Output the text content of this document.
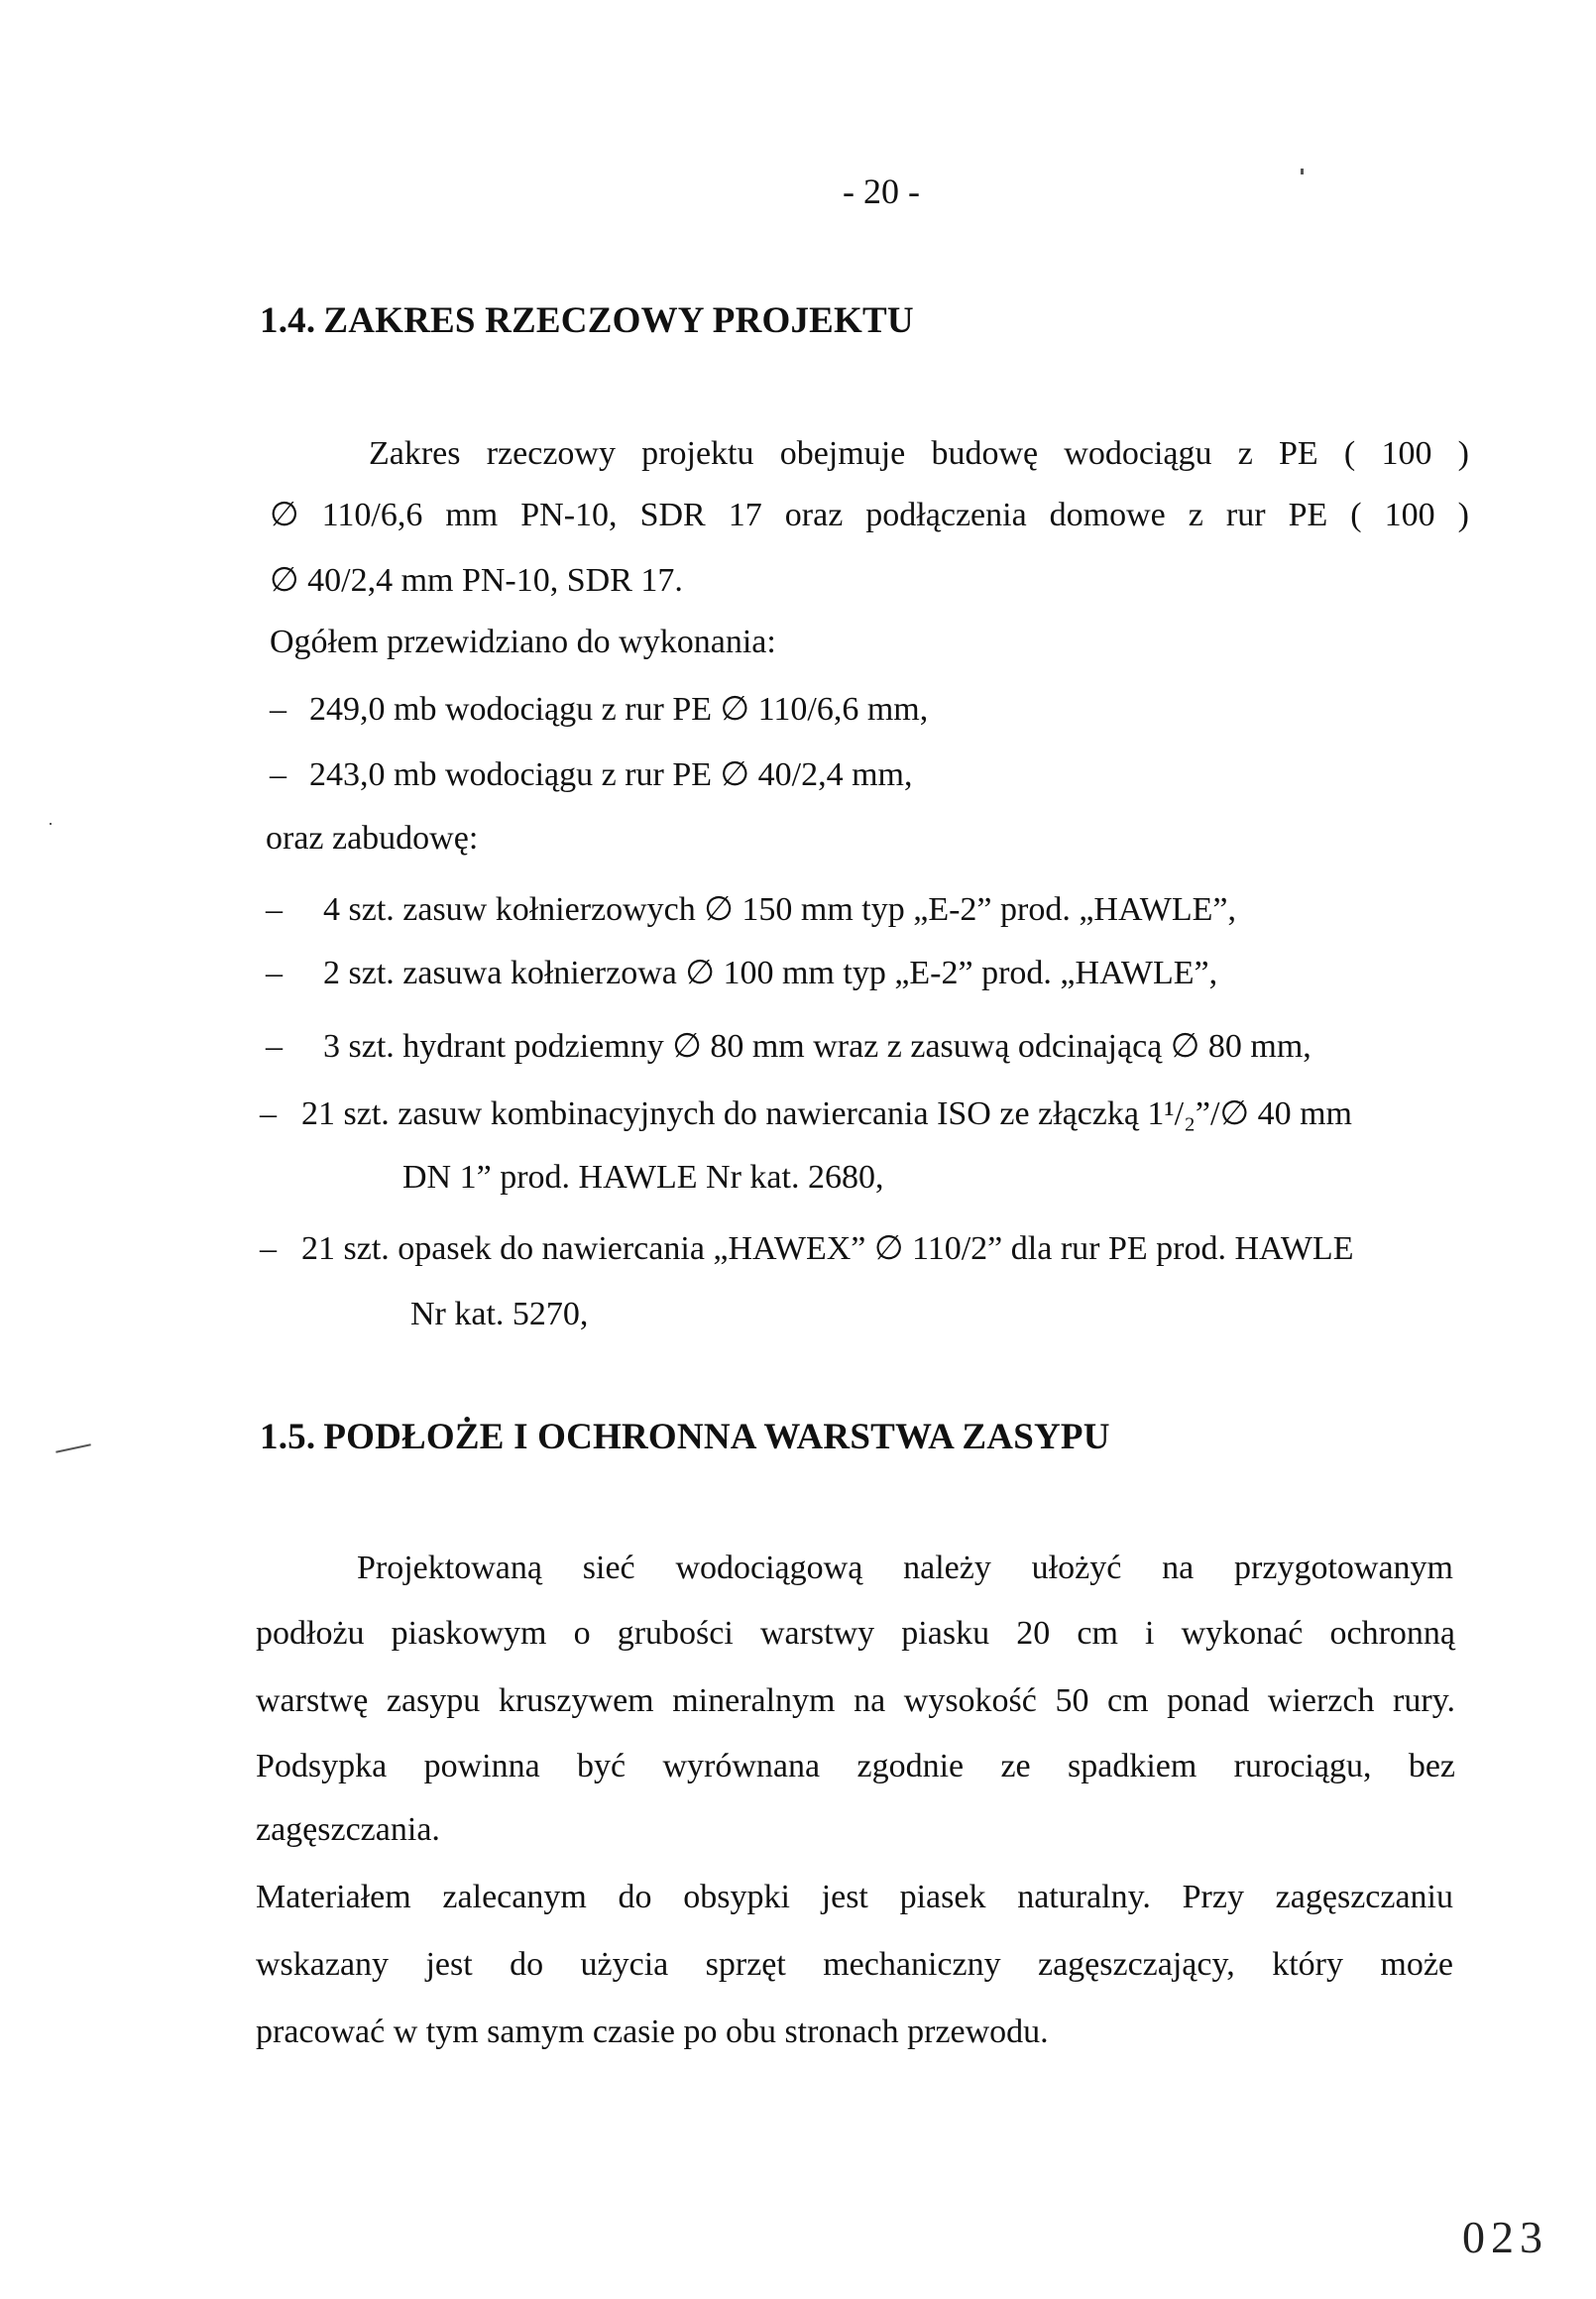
- 20 -
1.4. ZAKRES RZECZOWY PROJEKTU
Zakres rzeczowy projektu obejmuje budowę wodociągu z PE ( 100 )
∅ 110/6,6 mm PN-10, SDR 17 oraz podłączenia domowe z rur PE ( 100 )
∅ 40/2,4 mm PN-10, SDR 17.
Ogółem przewidziano do wykonania:
– 249,0 mb wodociągu z rur PE ∅ 110/6,6 mm,
– 243,0 mb wodociągu z rur PE ∅ 40/2,4 mm,
oraz zabudowę:
– 4 szt. zasuw kołnierzowych ∅ 150 mm typ „E-2” prod. „HAWLE”,
– 2 szt. zasuwa kołnierzowa ∅ 100 mm typ „E-2” prod. „HAWLE”,
– 3 szt. hydrant podziemny ∅ 80 mm wraz z zasuwą odcinającą ∅ 80 mm,
– 21 szt. zasuw kombinacyjnych do nawiercania ISO ze złączką 1¹/₂”/∅ 40 mm
DN 1” prod. HAWLE Nr kat. 2680,
– 21 szt. opasek do nawiercania „HAWEX” ∅ 110/2” dla rur PE prod. HAWLE
Nr kat. 5270,
1.5. PODŁOŻE I OCHRONNA WARSTWA ZASYPU
Projektowaną sieć wodociągową należy ułożyć na przygotowanym
podłożu piaskowym o grubości warstwy piasku 20 cm i wykonać ochronną
warstwę zasypu kruszywem mineralnym na wysokość 50 cm ponad wierzch rury.
Podsypka powinna być wyrównana zgodnie ze spadkiem rurociągu, bez
zagęszczania.
Materiałem zalecanym do obsypki jest piasek naturalny. Przy zagęszczaniu
wskazany jest do użycia sprzęt mechaniczny zagęszczający, który może
pracować w tym samym czasie po obu stronach przewodu.
023
